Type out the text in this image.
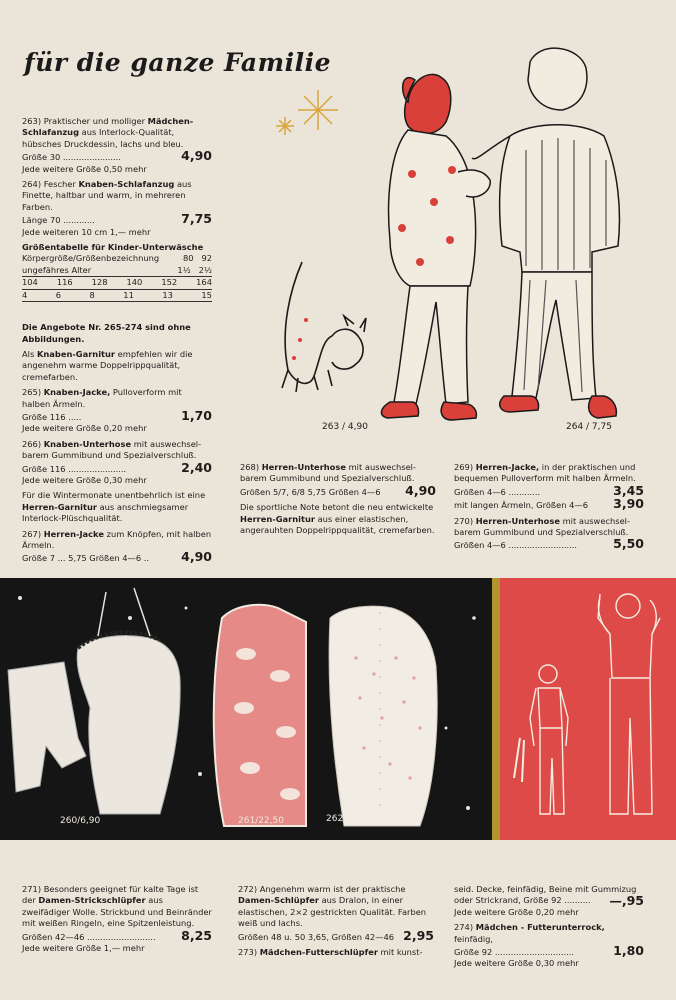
für die ganze Familie
263) Praktischer und molliger Mädchen-Schlafanzug aus Interlock-Qualität, hübsches Druckdessin, lachs und bleu.
Größe 30 ......................	4,90
Jede weitere Größe 0,50 mehr
264) Fescher Knaben-Schlafanzug aus Finette, haltbar und warm, in mehreren Farben.
Länge 70 ............	7,75
Jede weiteren 10 cm 1,— mehr
Größentabelle für Kinder-Unterwäsche
Körpergröße/Größenbezeichnung	80 92
ungefähres Alter	1½ 2½
104 116 128 140 152 164
4	6	8	11	13	15
Die Angebote Nr. 265-274 sind ohne Abbildungen.
Als Knaben-Garnitur empfehlen wir die angenehm warme Doppelrippqualität, cremefarben.
265) Knaben-Jacke, Pulloverform mit halben Ärmeln.
Größe 116 .....	1,70
Jede weitere Größe 0,20 mehr
266) Knaben-Unterhose mit auswechselbarem Gummibund und Spezialverschluß.
Größe 116 ......................	2,40
Jede weitere Größe 0,30 mehr
Für die Wintermonate unentbehrlich ist eine Herren-Garnitur aus anschmiegsamer Interlock-Plüschqualität.
267) Herren-Jacke zum Knöpfen, mit halben Ärmeln.
Größe 7 ... 5,75 Größen 4—6 ..	4,90
263 / 4,90	264 / 7,75
268) Herren-Unterhose mit auswechselbarem Gummibund und Spezialverschluß.
Größen 5/7, 6/8 5,75 Größen 4—6	4,90
Die sportliche Note betont die neu entwickelte Herren-Garnitur aus einer elastischen, angerauhten Doppelrippqualität, cremefarben.
269) Herren-Jacke, in der praktischen und bequemen Pulloverform mit halben Ärmeln.
Größen 4—6 ............	3,45
mit langen Ärmeln, Größen 4—6	3,90
270) Herren-Unterhose mit auswechselbarem Gummibund und Spezialverschluß.
Größen 4—6 ..........................	5,50
260/6,90	261/22,50	262/12,75
271) Besonders geeignet für kalte Tage ist der Damen-Strickschlüpfer aus zweifädiger Wolle. Strickbund und Beinränder mit weißen Ringeln, eine Spitzenleistung.
Größen 42—46 ..........................	8,25
Jede weitere Größe 1,— mehr
272) Angenehm warm ist der praktische Damen-Schlüpfer aus Dralon, in einer elastischen, 2×2 gestrickten Qualität. Farben weiß und lachs.
Größen 48 u. 50 3,65, Größen 42—46 2,95
273) Mädchen-Futterschlüpfer mit kunst-
seid. Decke, feinfädig, Beine mit Gummizug oder Strickrand, Größe 92 .......... —,95
Jede weitere Größe 0,20 mehr
274) Mädchen - Futterunterrock, feinfädig,
Größe 92 ..............................	1,80
Jede weitere Größe 0,30 mehr
